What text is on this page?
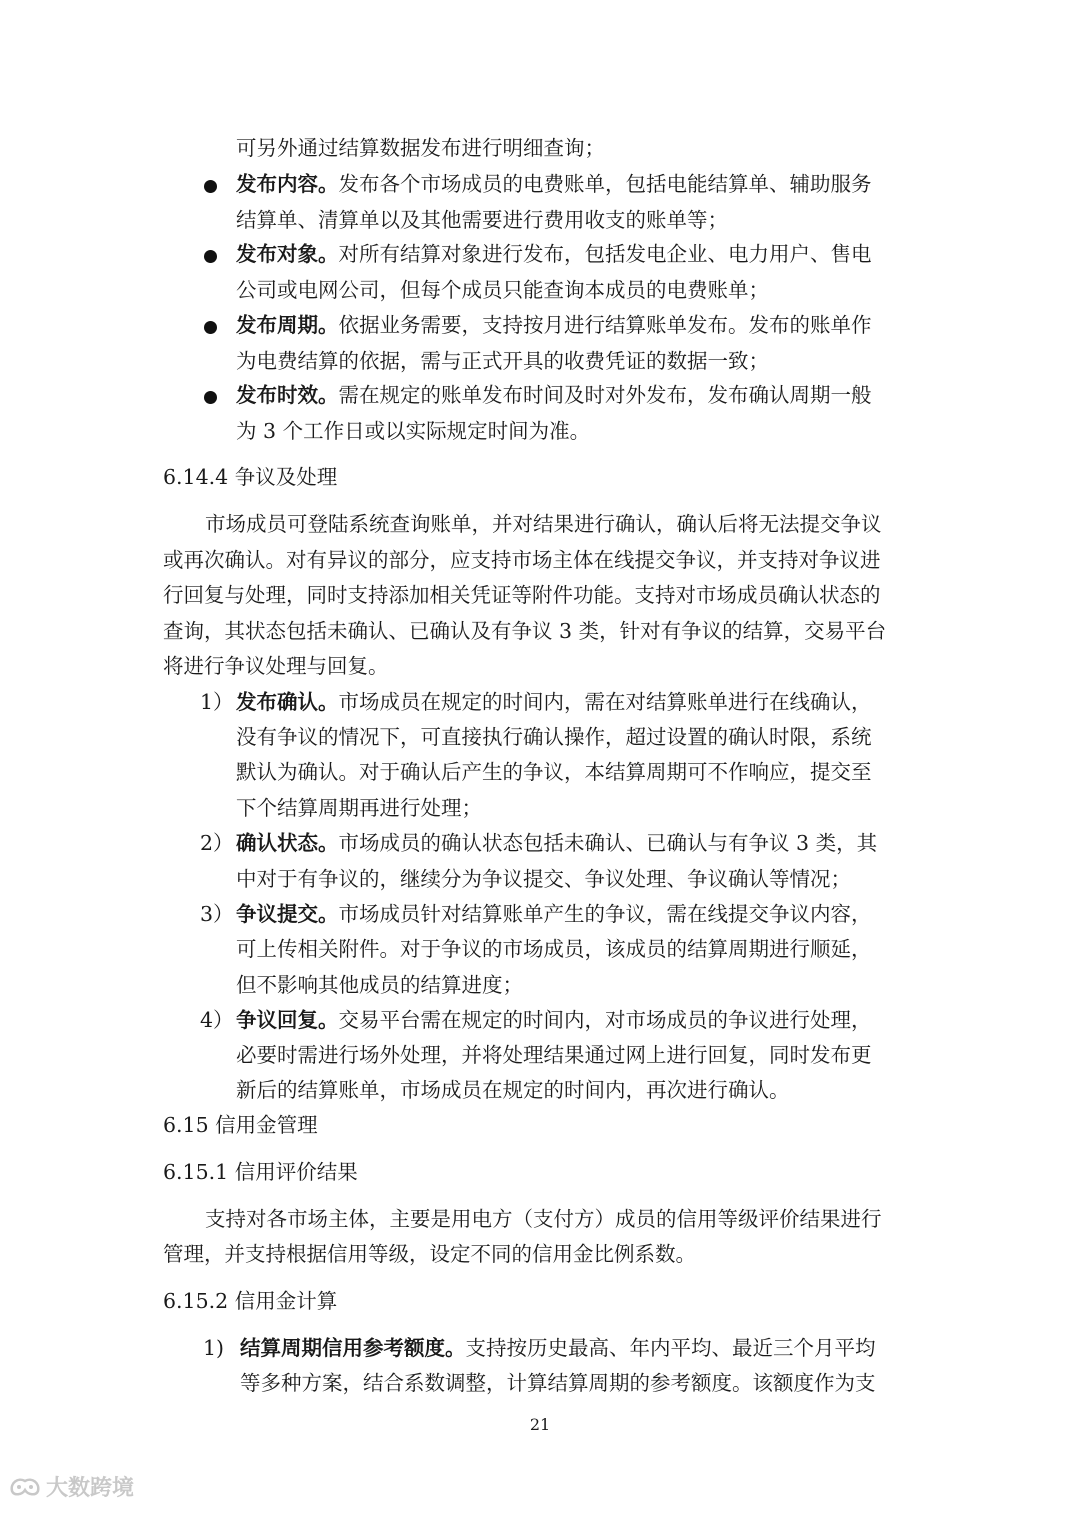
可另外通过结算数据发布进行明细查询；
发布内容。发布各个市场成员的电费账单，包括电能结算单、辅助服务
结算单、清算单以及其他需要进行费用收支的账单等；
发布对象。对所有结算对象进行发布，包括发电企业、电力用户、售电
公司或电网公司，但每个成员只能查询本成员的电费账单；
发布周期。依据业务需要，支持按月进行结算账单发布。发布的账单作
为电费结算的依据，需与正式开具的收费凭证的数据一致；
发布时效。需在规定的账单发布时间及时对外发布，发布确认周期一般
为 3 个工作日或以实际规定时间为准。
6.14.4 争议及处理
市场成员可登陆系统查询账单，并对结果进行确认，确认后将无法提交争议
或再次确认。对有异议的部分，应支持市场主体在线提交争议，并支持对争议进
行回复与处理，同时支持添加相关凭证等附件功能。支持对市场成员确认状态的
查询，其状态包括未确认、已确认及有争议 3 类，针对有争议的结算，交易平台
将进行争议处理与回复。
1） 发布确认。市场成员在规定的时间内，需在对结算账单进行在线确认，
没有争议的情况下，可直接执行确认操作，超过设置的确认时限，系统
默认为确认。对于确认后产生的争议，本结算周期可不作响应，提交至
下个结算周期再进行处理；
2） 确认状态。市场成员的确认状态包括未确认、已确认与有争议 3 类，其
中对于有争议的，继续分为争议提交、争议处理、争议确认等情况；
3） 争议提交。市场成员针对结算账单产生的争议，需在线提交争议内容，
可上传相关附件。对于争议的市场成员，该成员的结算周期进行顺延，
但不影响其他成员的结算进度；
4） 争议回复。交易平台需在规定的时间内，对市场成员的争议进行处理，
必要时需进行场外处理，并将处理结果通过网上进行回复，同时发布更
新后的结算账单，市场成员在规定的时间内，再次进行确认。
6.15 信用金管理
6.15.1 信用评价结果
支持对各市场主体，主要是用电方（支付方）成员的信用等级评价结果进行
管理，并支持根据信用等级，设定不同的信用金比例系数。
6.15.2 信用金计算
1) 结算周期信用参考额度。支持按历史最高、年内平均、最近三个月平均
等多种方案，结合系数调整，计算结算周期的参考额度。该额度作为支
21
大数跨境
